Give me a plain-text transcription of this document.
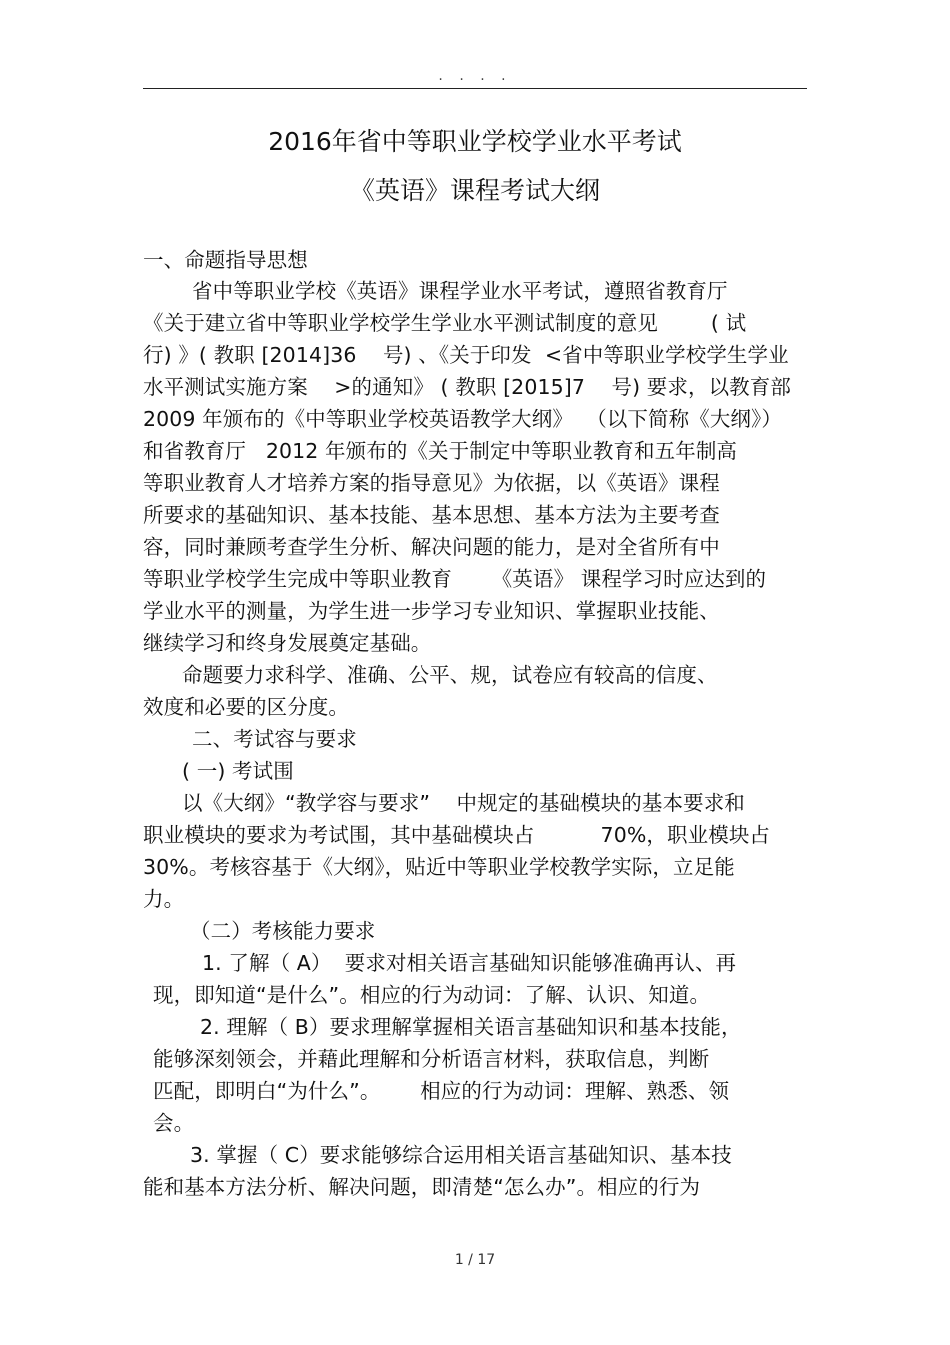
. . . .
2016年省中等职业学校学业水平考试
《英语》课程考试大纲
一、命题指导思想
省中等职业学校《英语》课程学业水平考试，遵照省教育厅
《关于建立省中等职业学校学生学业水平测试制度的意见        ( 试
行) 》( 教职 [2014]36    号) 、《关于印发  <省中等职业学校学生学业
水平测试实施方案    >的通知》 ( 教职 [2015]7    号) 要求，以教育部
2009 年颁布的《中等职业学校英语教学大纲》  （以下简称《大纲》）
和省教育厅   2012 年颁布的《关于制定中等职业教育和五年制高
等职业教育人才培养方案的指导意见》为依据，以《英语》课程
所要求的基础知识、基本技能、基本思想、基本方法为主要考查
容，同时兼顾考查学生分析、解决问题的能力，是对全省所有中
等职业学校学生完成中等职业教育      《英语》 课程学习时应达到的
学业水平的测量，为学生进一步学习专业知识、掌握职业技能、
继续学习和终身发展奠定基础。
命题要力求科学、准确、公平、规，试卷应有较高的信度、
效度和必要的区分度。
二、考试容与要求
( 一) 考试围
以《大纲》“教学容与要求”    中规定的基础模块的基本要求和
职业模块的要求为考试围，其中基础模块占          70%，职业模块占
30%。考核容基于《大纲》，贴近中等职业学校教学实际，立足能
力。
（二）考核能力要求
1. 了解（ A）  要求对相关语言基础知识能够准确再认、再
现，即知道“是什么”。相应的行为动词：了解、认识、知道。
2. 理解（ B）要求理解掌握相关语言基础知识和基本技能，
能够深刻领会，并藉此理解和分析语言材料，获取信息，判断
匹配，即明白“为什么”。      相应的行为动词：理解、熟悉、领
会。
3. 掌握（ C）要求能够综合运用相关语言基础知识、基本技
能和基本方法分析、解决问题，即清楚“怎么办”。相应的行为
1 / 17
